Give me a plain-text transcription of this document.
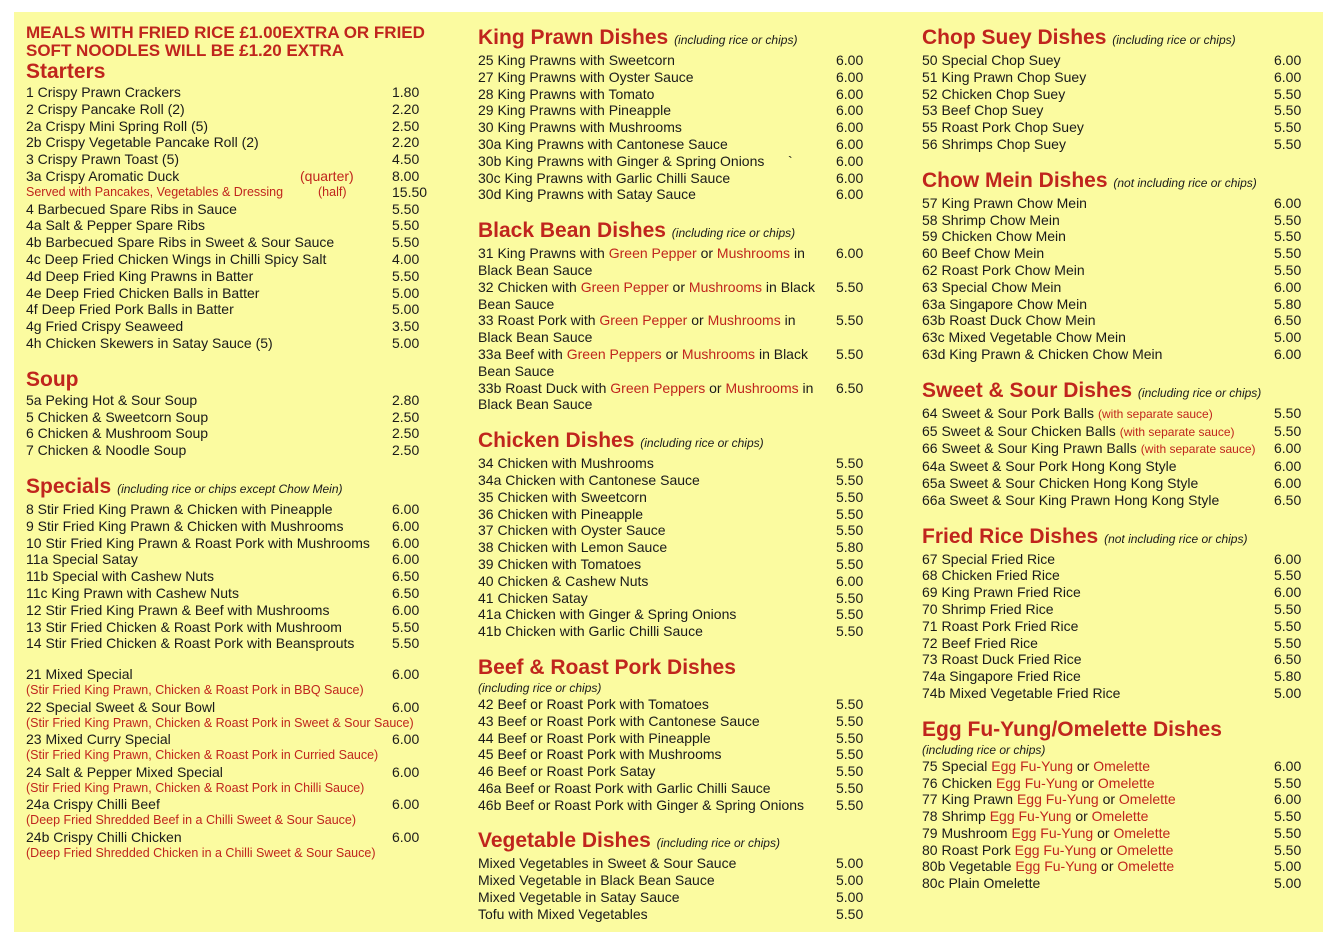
MEALS WITH FRIED RICE £1.00EXTRA OR FRIED SOFT NOODLES WILL BE £1.20 EXTRA
Starters
1 Crispy Prawn Crackers	1.80
2 Crispy Pancake Roll (2)	2.20
2a Crispy Mini Spring Roll (5)	2.50
2b Crispy Vegetable Pancake Roll (2)	2.20
3 Crispy Prawn Toast (5)	4.50
3a Crispy Aromatic Duck	(quarter)	8.00
Served with Pancakes, Vegetables & Dressing	(half)	15.50
4 Barbecued Spare Ribs in Sauce	5.50
4a Salt & Pepper Spare Ribs	5.50
4b Barbecued Spare Ribs in Sweet & Sour Sauce	5.50
4c Deep Fried Chicken Wings in Chilli Spicy Salt	4.00
4d Deep Fried King Prawns in Batter	5.50
4e Deep Fried Chicken Balls in Batter	5.00
4f Deep Fried Pork Balls in Batter	5.00
4g Fried Crispy Seaweed	3.50
4h Chicken Skewers in Satay Sauce (5)	5.00
Soup
5a Peking Hot & Sour Soup	2.80
5 Chicken & Sweetcorn Soup	2.50
6 Chicken & Mushroom Soup	2.50
7 Chicken & Noodle Soup	2.50
Specials (including rice or chips except Chow Mein)
8 Stir Fried King Prawn & Chicken with Pineapple	6.00
9 Stir Fried King Prawn & Chicken with Mushrooms	6.00
10 Stir Fried King Prawn & Roast Pork with Mushrooms 6.00
11a Special Satay	6.00
11b Special with Cashew Nuts	6.50
11c King Prawn with Cashew Nuts	6.50
12 Stir Fried King Prawn & Beef with Mushrooms	6.00
13 Stir Fried Chicken & Roast Pork with Mushroom	5.50
14 Stir Fried Chicken & Roast Pork with Beansprouts	5.50
21 Mixed Special	6.00
(Stir Fried King Prawn, Chicken & Roast Pork in BBQ Sauce)
22 Special Sweet & Sour Bowl	6.00
(Stir Fried King Prawn, Chicken & Roast Pork in Sweet & Sour Sauce)
23 Mixed Curry Special	6.00
(Stir Fried King Prawn, Chicken & Roast Pork in Curried Sauce)
24 Salt & Pepper Mixed Special	6.00
(Stir Fried King Prawn, Chicken & Roast Pork in Chilli Sauce)
24a Crispy Chilli Beef	6.00
(Deep Fried Shredded Beef in a Chilli Sweet & Sour Sauce)
24b Crispy Chilli Chicken	6.00
(Deep Fried Shredded Chicken in a Chilli Sweet & Sour Sauce)
King Prawn Dishes (including rice or chips)
25 King Prawns with Sweetcorn	6.00
27 King Prawns with Oyster Sauce	6.00
28 King Prawns with Tomato	6.00
29 King Prawns with Pineapple	6.00
30 King Prawns with Mushrooms	6.00
30a King Prawns with Cantonese Sauce	6.00
30b King Prawns with Ginger & Spring Onions `	6.00
30c King Prawns with Garlic Chilli Sauce	6.00
30d King Prawns with Satay Sauce	6.00
Black Bean Dishes (including rice or chips)
31 King Prawns with Green Pepper or Mushrooms in Black Bean Sauce
6.00
32 Chicken with Green Pepper or Mushrooms in Black Bean Sauce
5.50
33 Roast Pork with Green Pepper or Mushrooms in Black Bean Sauce
5.50
33a Beef with Green Peppers or Mushrooms in Black Bean Sauce
5.50
33b Roast Duck with Green Peppers or Mushrooms in Black Bean Sauce
6.50
Chicken Dishes (including rice or chips)
34 Chicken with Mushrooms	5.50
34a Chicken with Cantonese Sauce	5.50
35 Chicken with Sweetcorn	5.50
36 Chicken with Pineapple	5.50
37 Chicken with Oyster Sauce	5.50
38 Chicken with Lemon Sauce	5.80
39 Chicken with Tomatoes	5.50
40 Chicken & Cashew Nuts	6.00
41 Chicken Satay	5.50
41a Chicken with Ginger & Spring Onions	5.50
41b Chicken with Garlic Chilli Sauce	5.50
Beef & Roast Pork Dishes
(including rice or chips)
42 Beef or Roast Pork with Tomatoes	5.50
43 Beef or Roast Pork with Cantonese Sauce	5.50
44 Beef or Roast Pork with Pineapple	5.50
45 Beef or Roast Pork with Mushrooms	5.50
46 Beef or Roast Pork Satay	5.50
46a Beef or Roast Pork with Garlic Chilli Sauce	5.50
46b Beef or Roast Pork with Ginger & Spring Onions 5.50
Vegetable Dishes (including rice or chips)
Mixed Vegetables in Sweet & Sour Sauce	5.00
Mixed Vegetable in Black Bean Sauce	5.00
Mixed Vegetable in Satay Sauce	5.00
Tofu with Mixed Vegetables	5.50
Chop Suey Dishes (including rice or chips)
50 Special Chop Suey	6.00
51 King Prawn Chop Suey	6.00
52 Chicken Chop Suey	5.50
53 Beef Chop Suey	5.50
55 Roast Pork Chop Suey	5.50
56 Shrimps Chop Suey	5.50
Chow Mein Dishes (not including rice or chips)
57 King Prawn Chow Mein	6.00
58 Shrimp Chow Mein	5.50
59 Chicken Chow Mein	5.50
60 Beef Chow Mein	5.50
62 Roast Pork Chow Mein	5.50
63 Special Chow Mein	6.00
63a Singapore Chow Mein	5.80
63b Roast Duck Chow Mein	6.50
63c Mixed Vegetable Chow Mein	5.00
63d King Prawn & Chicken Chow Mein	6.00
Sweet & Sour Dishes (including rice or chips)
64 Sweet & Sour Pork Balls (with separate sauce)	5.50
65 Sweet & Sour Chicken Balls (with separate sauce)	5.50
66 Sweet & Sour King Prawn Balls (with separate sauce) 6.00
64a Sweet & Sour Pork Hong Kong Style	6.00
65a Sweet & Sour Chicken Hong Kong Style	6.00
66a Sweet & Sour King Prawn Hong Kong Style	6.50
Fried Rice Dishes (not including rice or chips)
67 Special Fried Rice	6.00
68 Chicken Fried Rice	5.50
69 King Prawn Fried Rice	6.00
70 Shrimp Fried Rice	5.50
71 Roast Pork Fried Rice	5.50
72 Beef Fried Rice	5.50
73 Roast Duck Fried Rice	6.50
74a Singapore Fried Rice	5.80
74b Mixed Vegetable Fried Rice	5.00
Egg Fu-Yung/Omelette Dishes
(including rice or chips)
75 Special Egg Fu-Yung or Omelette	6.00
76 Chicken Egg Fu-Yung or Omelette	5.50
77 King Prawn Egg Fu-Yung or Omelette	6.00
78 Shrimp Egg Fu-Yung or Omelette	5.50
79 Mushroom Egg Fu-Yung or Omelette	5.50
80 Roast Pork Egg Fu-Yung or Omelette	5.50
80b Vegetable Egg Fu-Yung or Omelette	5.00
80c Plain Omelette	5.00
